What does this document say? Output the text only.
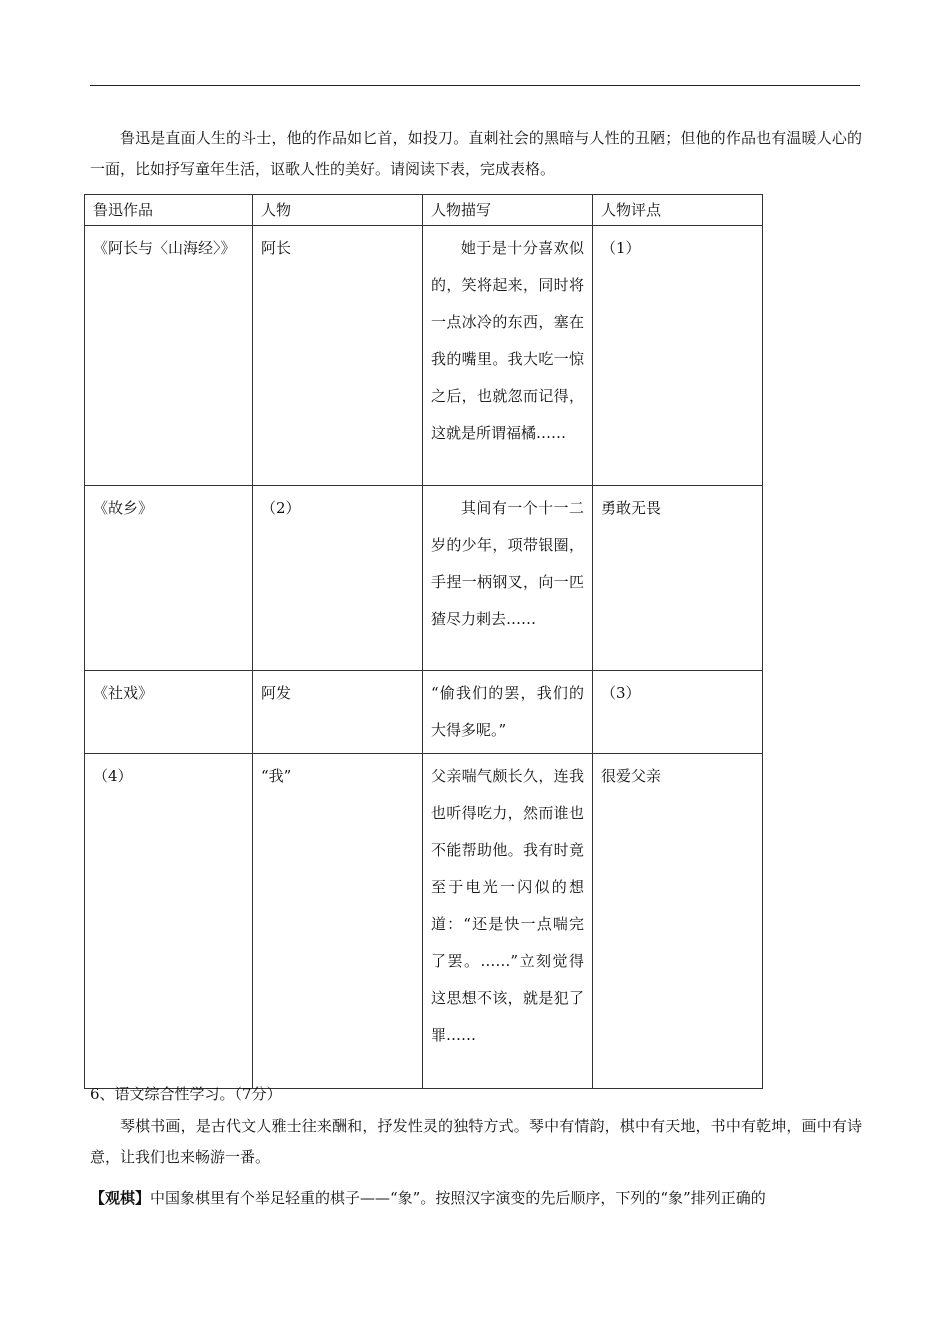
鲁迅是直面人生的斗士，他的作品如匕首，如投刀。直刺社会的黑暗与人性的丑陋；但他的作品也有温暖人心的一面，比如抒写童年生活，讴歌人性的美好。请阅读下表，完成表格。

鲁迅作品	人物	人物描写	人物评点
《阿长与〈山海经〉》	阿长	她于是十分喜欢似的，笑将起来，同时将一点冰冷的东西，塞在我的嘴里。我大吃一惊之后，也就忽而记得，这就是所谓福橘……	（1）
《故乡》	（2）	其间有一个十一二岁的少年，项带银圈，手捏一柄钢叉，向一匹猹尽力刺去……	勇敢无畏
《社戏》	阿发	“偷我们的罢，我们的大得多呢。”	（3）
（4）	“我”	父亲喘气颇长久，连我也听得吃力，然而谁也不能帮助他。我有时竟至于电光一闪似的想道：“还是快一点喘完了罢。……”立刻觉得这思想不该，就是犯了罪……	很爱父亲

6、语文综合性学习。（7分）

琴棋书画，是古代文人雅士往来酬和，抒发性灵的独特方式。琴中有情韵，棋中有天地，书中有乾坤，画中有诗意，让我们也来畅游一番。

【观棋】中国象棋里有个举足轻重的棋子——“象”。按照汉字演变的先后顺序，下列的“象”排列正确的
